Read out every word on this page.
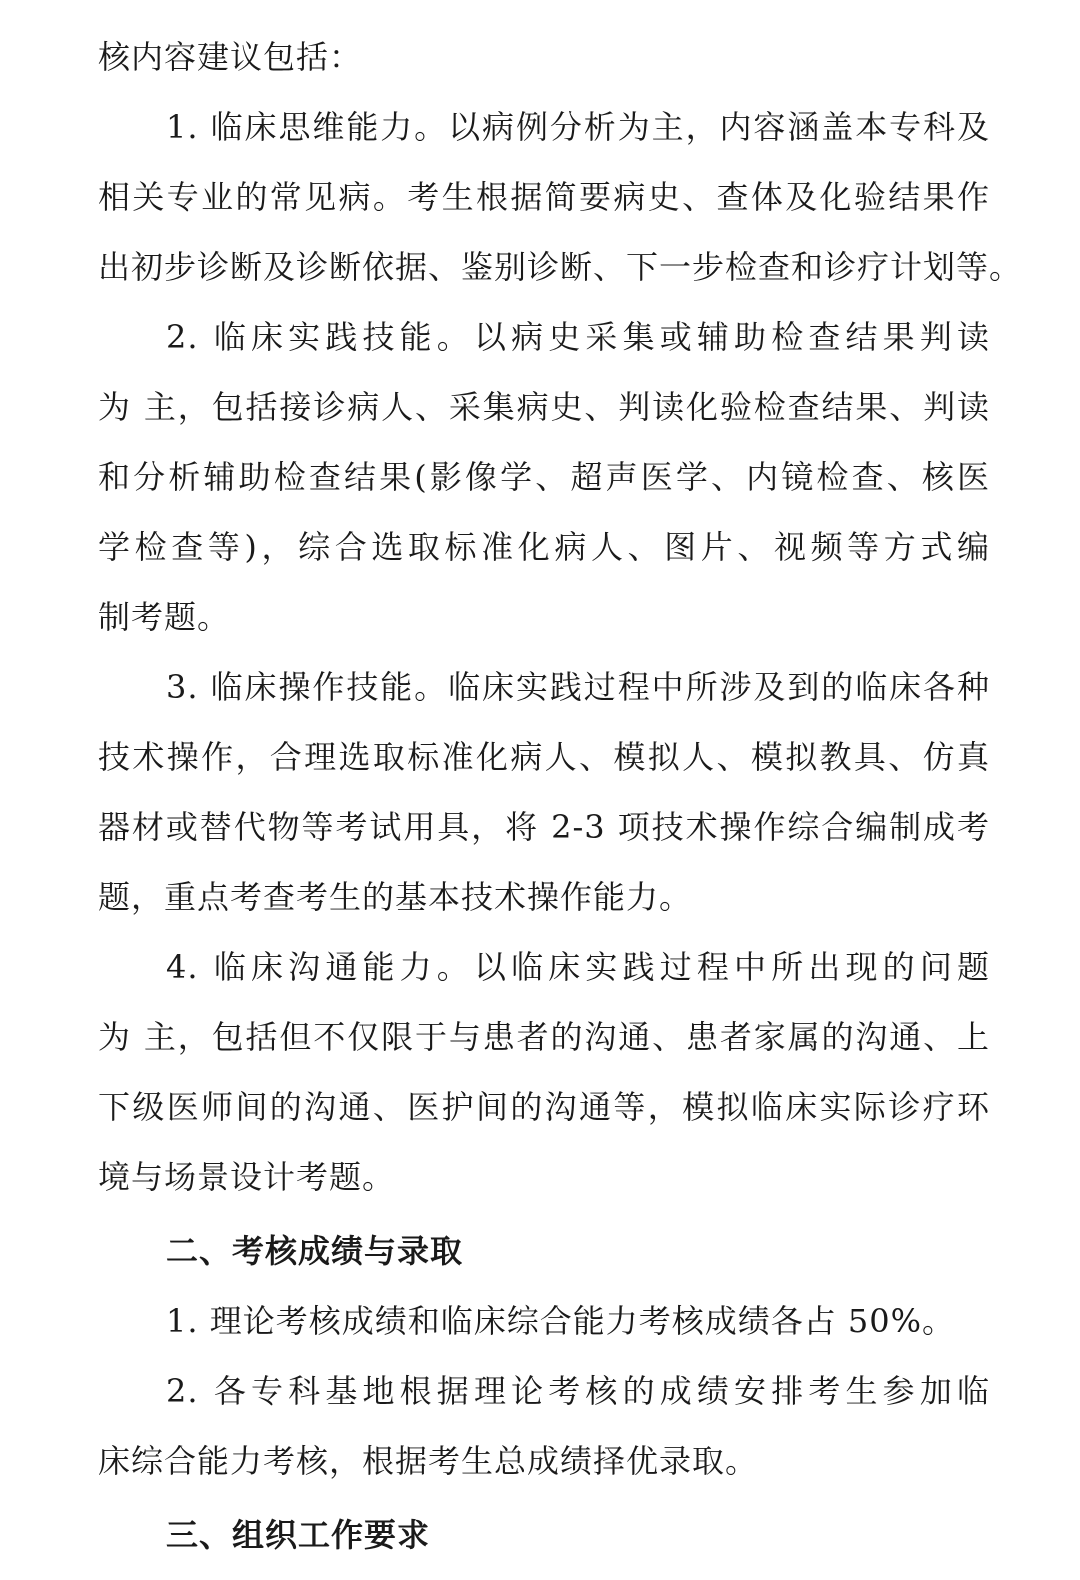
核内容建议包括：
1. 临床思维能力。以病例分析为主，内容涵盖本专科及
相关专业的常见病。考生根据简要病史、查体及化验结果作
出初步诊断及诊断依据、鉴别诊断、下一步检查和诊疗计划等。
2. 临床实践技能。以病史采集或辅助检查结果判读
为 主，包括接诊病人、采集病史、判读化验检查结果、判读
和分析辅助检查结果(影像学、超声医学、内镜检查、核医
学检查等)，综合选取标准化病人、图片、视频等方式编
制考题。
3. 临床操作技能。临床实践过程中所涉及到的临床各种
技术操作，合理选取标准化病人、模拟人、模拟教具、仿真
器材或替代物等考试用具，将 2-3 项技术操作综合编制成考
题，重点考查考生的基本技术操作能力。
4. 临床沟通能力。以临床实践过程中所出现的问题
为 主，包括但不仅限于与患者的沟通、患者家属的沟通、上
下级医师间的沟通、医护间的沟通等，模拟临床实际诊疗环
境与场景设计考题。
二、考核成绩与录取
1. 理论考核成绩和临床综合能力考核成绩各占 50%。
2. 各专科基地根据理论考核的成绩安排考生参加临
床综合能力考核，根据考生总成绩择优录取。
三、组织工作要求
